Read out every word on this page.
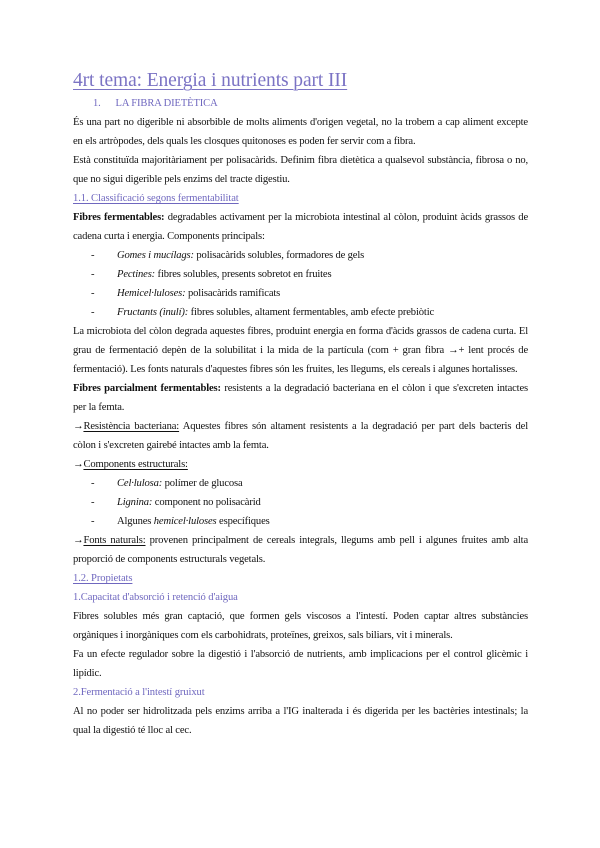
4rt tema: Energia i nutrients part III
1. LA FIBRA DIETÈTICA

És una part no digerible ni absorbible de molts aliments d'origen vegetal, no la trobem a cap aliment excepte en els artròpodes, dels quals les closques quitonoses es poden fer servir com a fibra.

Està constituïda majoritàriament per polisacàrids. Definim fibra dietètica a qualsevol substància, fibrosa o no, que no sigui digerible pels enzims del tracte digestiu.

1.1. Classificació segons fermentabilitat

Fibres fermentables: degradables activament per la microbiota intestinal al còlon, produint àcids grassos de cadena curta i energia. Components principals:

- Gomes i mucílags: polisacàrids solubles, formadores de gels
- Pectines: fibres solubles, presents sobretot en fruites
- Hemicel·luloses: polisacàrids ramificats
- Fructants (inulí): fibres solubles, altament fermentables, amb efecte prebiòtic

La microbiota del còlon degrada aquestes fibres, produint energia en forma d'àcids grassos de cadena curta. El grau de fermentació depèn de la solubilitat i la mida de la partícula (com + gran fibra →+ lent procés de fermentació). Les fonts naturals d'aquestes fibres són les fruites, les llegums, els cereals i algunes hortalisses.

Fibres parcialment fermentables: resistents a la degradació bacteriana en el còlon i que s'excreten intactes per la femta.

→Resistència bacteriana: Aquestes fibres són altament resistents a la degradació per part dels bacteris del còlon i s'excreten gairebé intactes amb la femta.

→Components estructurals:

- Cel·lulosa: polímer de glucosa
- Lignina: component no polisacàrid
- Algunes hemicel·luloses específiques

→Fonts naturals: provenen principalment de cereals integrals, llegums amb pell i algunes fruites amb alta proporció de components estructurals vegetals.

1.2. Propietats
1.Capacitat d'absorció i retenció d'aigua

Fibres solubles més gran captació, que formen gels viscosos a l'intestí. Poden captar altres substàncies orgàniques i inorgàniques com els carbohidrats, proteïnes, greixos, sals biliars, vit i minerals.

Fa un efecte regulador sobre la digestió i l'absorció de nutrients, amb implicacions per el control glicèmic i lipídic.

2.Fermentació a l'intestí gruixut

Al no poder ser hidrolitzada pels enzims arriba a l'IG inalterada i és digerida per les bactèries intestinals; la qual la digestió té lloc al cec.
